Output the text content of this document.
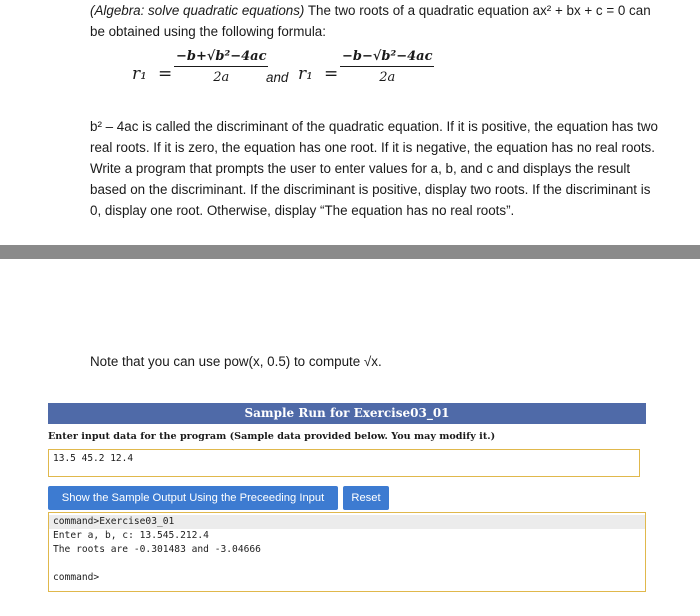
(Algebra: solve quadratic equations) The two roots of a quadratic equation ax² + bx + c = 0 can be obtained using the following formula:

$r_1 = \frac{\text{−b+√b²−4ac}}{2a}$
and $r_1 = \frac{\text{−b−√b²−4ac}}{2a}$

b² – 4ac is called the discriminant of the quadratic equation. If it is positive, the equation has two real roots. If it is zero, the equation has one root. If it is negative, the equation has no real roots.

Write a program that prompts the user to enter values for a, b, and c and displays the result based on the discriminant. If the discriminant is positive, display two roots. If the discriminant is 0, display one root. Otherwise, display “The equation has no real roots”.

Note that you can use pow(x, 0.5) to compute √x.
Sample Run for Exercise03_01
Enter input data for the program (Sample data provided below. You may modify it.)
13.5 45.2 12.4
Show the Sample Output Using the Preceeding Input	Reset
command>Exercise03_01
Enter a, b, c: 13.545.212.4
The roots are -0.301483 and -3.04666
command>
